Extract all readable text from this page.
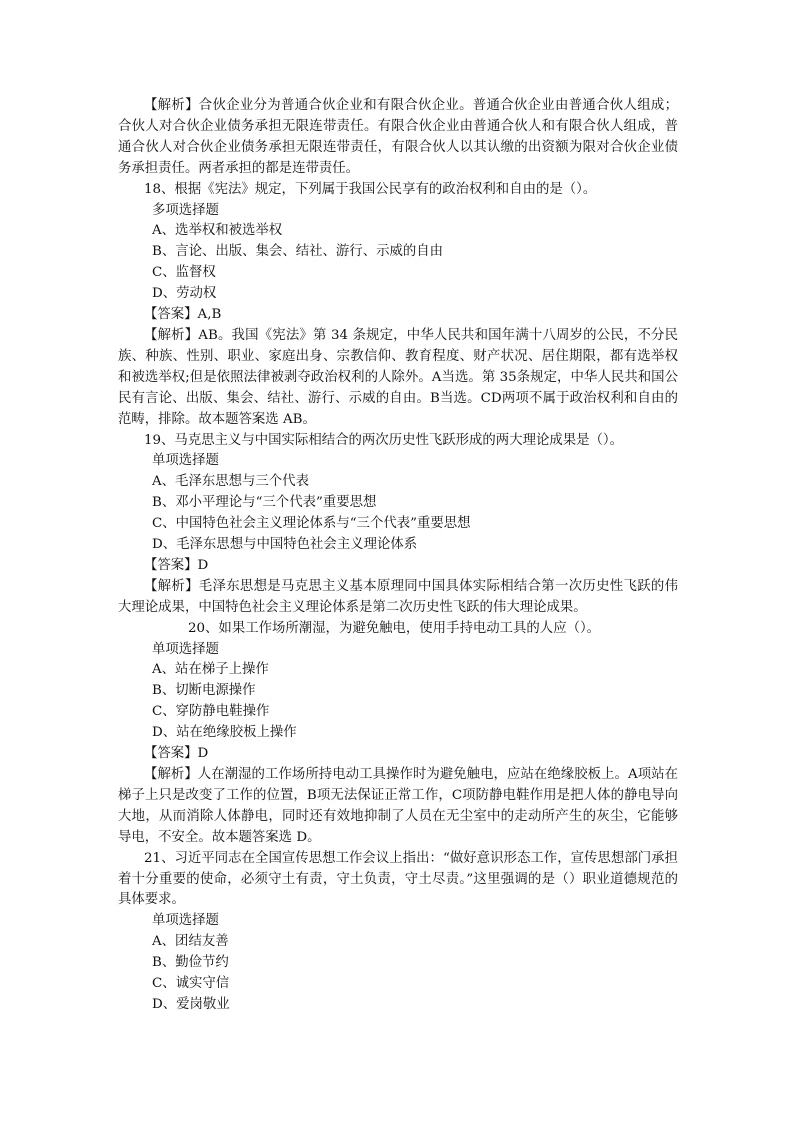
【解析】合伙企业分为普通合伙企业和有限合伙企业。普通合伙企业由普通合伙人组成；合伙人对合伙企业债务承担无限连带责任。有限合伙企业由普通合伙人和有限合伙人组成，普通合伙人对合伙企业债务承担无限连带责任，有限合伙人以其认缴的出资额为限对合伙企业债务承担责任。两者承担的都是连带责任。

18、根据《宪法》规定，下列属于我国公民享有的政治权利和自由的是（）。

多项选择题

A、选举权和被选举权

B、言论、出版、集会、结社、游行、示威的自由

C、监督权

D、劳动权

【答案】A,B

【解析】AB。我国《宪法》第 34 条规定，中华人民共和国年满十八周岁的公民，不分民族、种族、性别、职业、家庭出身、宗教信仰、教育程度、财产状况、居住期限，都有选举权和被选举权;但是依照法律被剥夺政治权利的人除外。A当选。第 35条规定，中华人民共和国公民有言论、出版、集会、结社、游行、示威的自由。B当选。CD两项不属于政治权利和自由的范畴，排除。故本题答案选 AB。

19、马克思主义与中国实际相结合的两次历史性飞跃形成的两大理论成果是（）。

单项选择题

A、毛泽东思想与三个代表

B、邓小平理论与“三个代表”重要思想

C、中国特色社会主义理论体系与“三个代表”重要思想

D、毛泽东思想与中国特色社会主义理论体系

【答案】D

【解析】毛泽东思想是马克思主义基本原理同中国具体实际相结合第一次历史性飞跃的伟大理论成果，中国特色社会主义理论体系是第二次历史性飞跃的伟大理论成果。

20、如果工作场所潮湿，为避免触电，使用手持电动工具的人应（）。

单项选择题

A、站在梯子上操作

B、切断电源操作

C、穿防静电鞋操作

D、站在绝缘胶板上操作

【答案】D

【解析】人在潮湿的工作场所持电动工具操作时为避免触电，应站在绝缘胶板上。A项站在梯子上只是改变了工作的位置，B项无法保证正常工作，C项防静电鞋作用是把人体的静电导向大地，从而消除人体静电，同时还有效地抑制了人员在无尘室中的走动所产生的灰尘，它能够导电，不安全。故本题答案选 D。

21、习近平同志在全国宣传思想工作会议上指出：“做好意识形态工作，宣传思想部门承担着十分重要的使命，必须守土有责，守土负责，守土尽责。”这里强调的是（）职业道德规范的具体要求。

单项选择题

A、团结友善

B、勤俭节约

C、诚实守信

D、爱岗敬业
